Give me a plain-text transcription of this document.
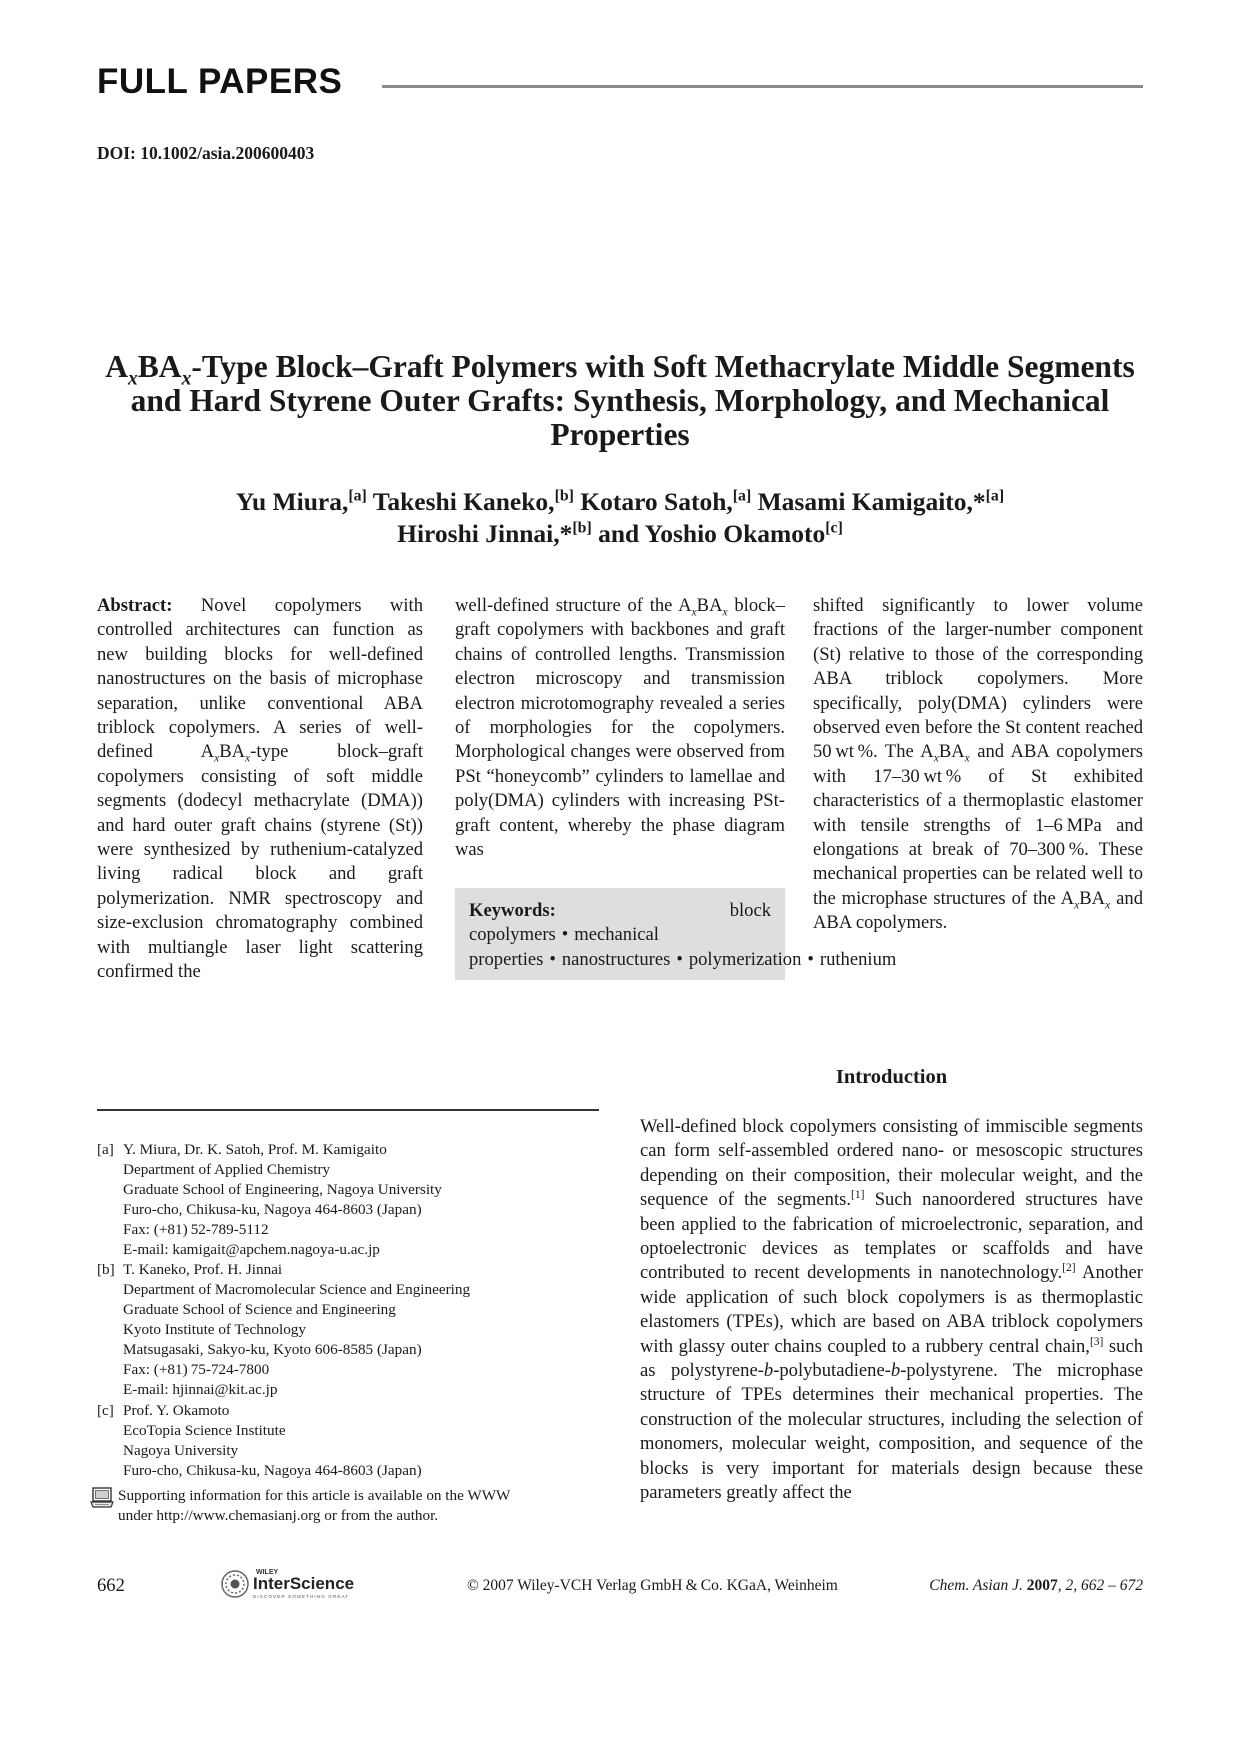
FULL PAPERS
DOI: 10.1002/asia.200600403
$A_xBA_x$-Type Block–Graft Polymers with Soft Methacrylate Middle Segments
and Hard Styrene Outer Grafts: Synthesis, Morphology, and Mechanical
Properties
Yu Miura,[a] Takeshi Kaneko,[b] Kotaro Satoh,[a] Masami Kamigaito,*[a]
Hiroshi Jinnai,*[b] and Yoshio Okamoto[c]

Abstract: Novel copolymers with controlled architectures can function as new building blocks for well-defined nanostructures on the basis of microphase separation, unlike conventional ABA triblock copolymers. A series of well-defined $A_xBA_x$-type block–graft copolymers consisting of soft middle segments (dodecyl methacrylate (DMA)) and hard outer graft chains (styrene (St)) were synthesized by ruthenium-catalyzed living radical block and graft polymerization. NMR spectroscopy and size-exclusion chromatography combined with multiangle laser light scattering confirmed the

well-defined structure of the $A_xBA_x$ block–graft copolymers with backbones and graft chains of controlled lengths. Transmission electron microscopy and transmission electron microtomography revealed a series of morphologies for the copolymers. Morphological changes were observed from PSt “honeycomb” cylinders to lamellae and poly(DMA) cylinders with increasing PSt-graft content, whereby the phase diagram was

shifted significantly to lower volume fractions of the larger-number component (St) relative to those of the corresponding ABA triblock copolymers. More specifically, poly(DMA) cylinders were observed even before the St content reached 50 wt %. The $A_xBA_x$ and ABA copolymers with 17–30 wt % of St exhibited characteristics of a thermoplastic elastomer with tensile strengths of 1–6 MPa and elongations at break of 70–300 %. These mechanical properties can be related well to the microphase structures of the $A_xBA_x$ and ABA copolymers.

Keywords:	block copolymers • mechanical properties • nanostructures • polymerization • ruthenium
Introduction

Well-defined block copolymers consisting of immiscible segments can form self-assembled ordered nano- or mesoscopic structures depending on their composition, their molecular weight, and the sequence of the segments.[1] Such nanoordered structures have been applied to the fabrication of microelectronic, separation, and optoelectronic devices as templates or scaffolds and have contributed to recent developments in nanotechnology.[2] Another wide application of such block copolymers is as thermoplastic elastomers (TPEs), which are based on ABA triblock copolymers with glassy outer chains coupled to a rubbery central chain,[3] such as polystyrene-b-polybutadiene-b-polystyrene. The microphase structure of TPEs determines their mechanical properties. The construction of the molecular structures, including the selection of monomers, molecular weight, composition, and sequence of the blocks is very important for materials design because these parameters greatly affect the

[a] Y. Miura, Dr. K. Satoh, Prof. M. Kamigaito
Department of Applied Chemistry
Graduate School of Engineering, Nagoya University
Furo-cho, Chikusa-ku, Nagoya 464-8603 (Japan)
Fax: (+81) 52-789-5112
E-mail: kamigait@apchem.nagoya-u.ac.jp
[b] T. Kaneko, Prof. H. Jinnai
Department of Macromolecular Science and Engineering
Graduate School of Science and Engineering
Kyoto Institute of Technology
Matsugasaki, Sakyo-ku, Kyoto 606-8585 (Japan)
Fax: (+81) 75-724-7800
E-mail: hjinnai@kit.ac.jp
[c] Prof. Y. Okamoto
EcoTopia Science Institute
Nagoya University
Furo-cho, Chikusa-ku, Nagoya 464-8603 (Japan)
Supporting information for this article is available on the WWW
under http://www.chemasianj.org or from the author.
662
WILEY
InterScience
DISCOVER SOMETHING GREAT
© 2007 Wiley-VCH Verlag GmbH & Co. KGaA, Weinheim	Chem. Asian J. 2007, 2, 662 – 672
